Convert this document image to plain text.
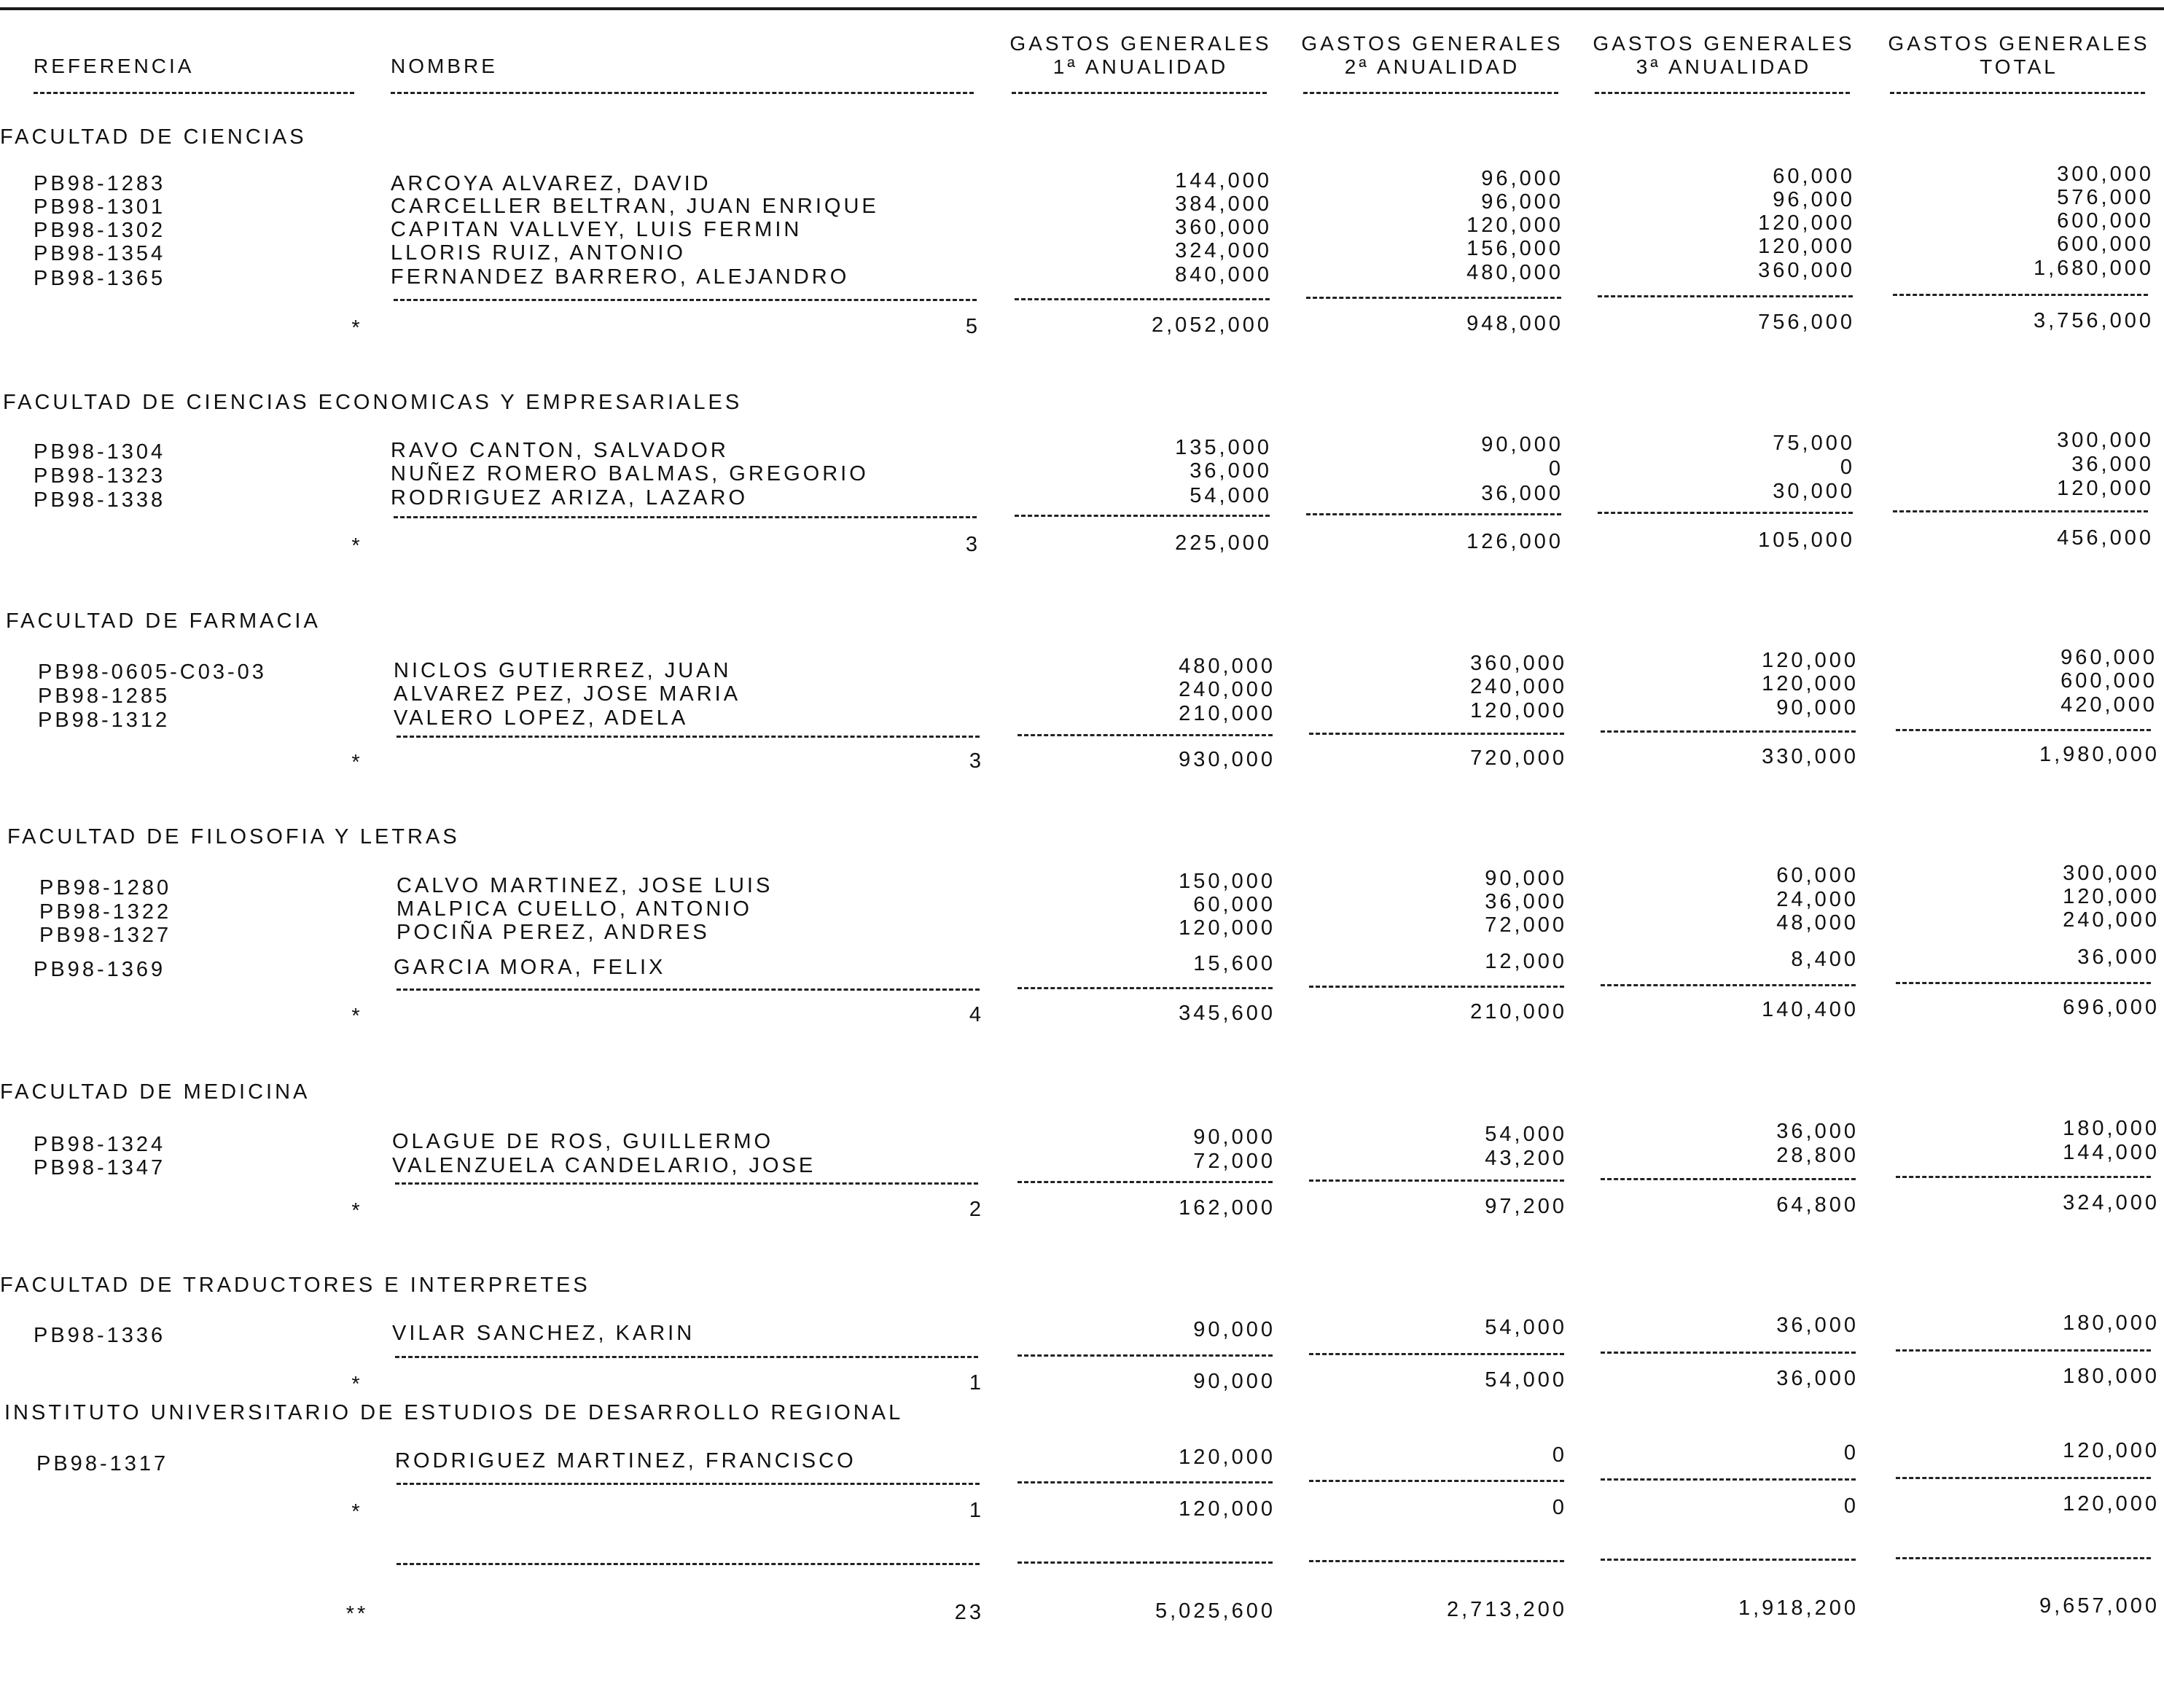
REFERENCIA	NOMBRE
GASTOS GENERALES
1ª ANUALIDAD
GASTOS GENERALES
2ª ANUALIDAD
GASTOS GENERALES
3ª ANUALIDAD
GASTOS GENERALES
TOTAL
FACULTAD DE CIENCIAS
PB98-1283	ARCOYA ALVAREZ, DAVID	144,000	96,000	60,000	300,000
PB98-1301	CARCELLER BELTRAN, JUAN ENRIQUE	384,000	96,000	96,000	576,000
PB98-1302	CAPITAN VALLVEY, LUIS FERMIN	360,000	120,000	120,000	600,000
PB98-1354	LLORIS RUIZ, ANTONIO	324,000	156,000	120,000	600,000
PB98-1365	FERNANDEZ BARRERO, ALEJANDRO	840,000	480,000	360,000	1,680,000
*	5	2,052,000	948,000	756,000	3,756,000
FACULTAD DE CIENCIAS ECONOMICAS Y EMPRESARIALES
PB98-1304	RAVO CANTON, SALVADOR	135,000	90,000	75,000	300,000
PB98-1323	NUÑEZ ROMERO BALMAS, GREGORIO	36,000	0	0	36,000
PB98-1338	RODRIGUEZ ARIZA, LAZARO	54,000	36,000	30,000	120,000
*	3	225,000	126,000	105,000	456,000
FACULTAD DE FARMACIA
PB98-0605-C03-03	NICLOS GUTIERREZ, JUAN	480,000	360,000	120,000	960,000
PB98-1285	ALVAREZ PEZ, JOSE MARIA	240,000	240,000	120,000	600,000
PB98-1312	VALERO LOPEZ, ADELA	210,000	120,000	90,000	420,000
*	3	930,000	720,000	330,000	1,980,000
FACULTAD DE FILOSOFIA Y LETRAS
PB98-1280	CALVO MARTINEZ, JOSE LUIS	150,000	90,000	60,000	300,000
PB98-1322	MALPICA CUELLO, ANTONIO	60,000	36,000	24,000	120,000
PB98-1327	POCIÑA PEREZ, ANDRES	120,000	72,000	48,000	240,000
PB98-1369	GARCIA MORA, FELIX	15,600	12,000	8,400	36,000
*	4	345,600	210,000	140,400	696,000
FACULTAD DE MEDICINA
PB98-1324	OLAGUE DE ROS, GUILLERMO	90,000	54,000	36,000	180,000
PB98-1347	VALENZUELA CANDELARIO, JOSE	72,000	43,200	28,800	144,000
*	2	162,000	97,200	64,800	324,000
FACULTAD DE TRADUCTORES E INTERPRETES
PB98-1336	VILAR SANCHEZ, KARIN	90,000	54,000	36,000	180,000
*	1	90,000	54,000	36,000	180,000
INSTITUTO UNIVERSITARIO DE ESTUDIOS DE DESARROLLO REGIONAL
PB98-1317	RODRIGUEZ MARTINEZ, FRANCISCO	120,000	0	0	120,000
*	1	120,000	0	0	120,000
**	23	5,025,600	2,713,200	1,918,200	9,657,000
